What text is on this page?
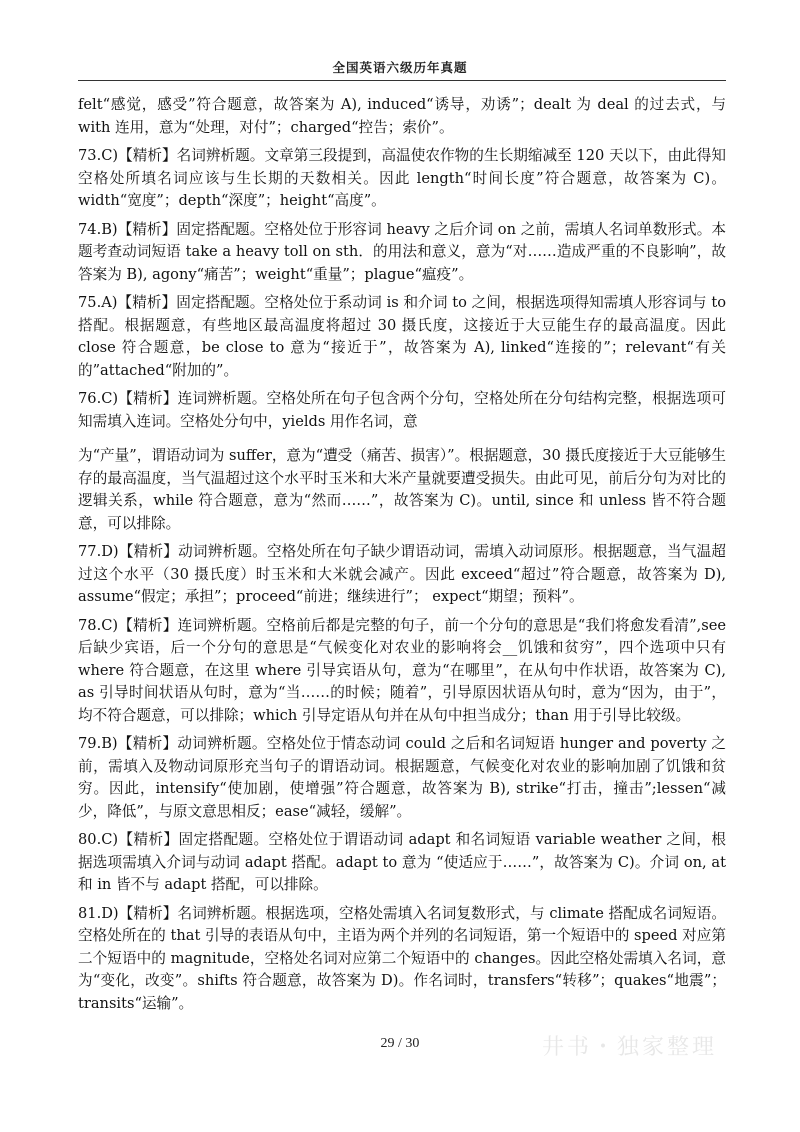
全国英语六级历年真题

felt“感觉，感受”符合题意，故答案为 A), induced“诱导，劝诱”；dealt 为 deal 的过去式，与 with 连用，意为“处理，对付”；charged“控告；索价”。

73.C)【精析】名词辨析题。文章第三段提到，高温使农作物的生长期缩减至 120 天以下，由此得知空格处所填名词应该与生长期的天数相关。因此 length“时间长度”符合题意，故答案为 C)。width“宽度”；depth“深度”；height“高度”。

74.B)【精析】固定搭配题。空格处位于形容词 heavy 之后介词 on 之前，需填人名词单数形式。本题考查动词短语 take a heavy toll on sth．的用法和意义，意为“对……造成严重的不良影响”，故答案为 B), agony“痛苦”；weight“重量”；plague“瘟疫”。

75.A)【精析】固定搭配题。空格处位于系动词 is 和介词 to 之间，根据选项得知需填人形容词与 to 搭配。根据题意，有些地区最高温度将超过 30 摄氏度，这接近于大豆能生存的最高温度。因此 close 符合题意，be close to 意为“接近于”，故答案为 A), linked“连接的”；relevant“有关的”attached“附加的”。

76.C)【精析】连词辨析题。空格处所在句子包含两个分句，空格处所在分句结构完整，根据选项可知需填入连词。空格处分句中，yields 用作名词，意

为“产量”，谓语动词为 suffer，意为“遭受（痛苦、损害）”。根据题意，30 摄氏度接近于大豆能够生存的最高温度，当气温超过这个水平时玉米和大米产量就要遭受损失。由此可见，前后分句为对比的逻辑关系，while 符合题意，意为“然而……”，故答案为 C)。until, since 和 unless 皆不符合题意，可以排除。

77.D)【精析】动词辨析题。空格处所在句子缺少谓语动词，需填入动词原形。根据题意，当气温超过这个水平（30 摄氏度）时玉米和大米就会减产。因此 exceed“超过”符合题意，故答案为 D), assume“假定；承担”；proceed“前进；继续进行”； expect“期望；预料”。

78.C)【精析】连词辨析题。空格前后都是完整的句子，前一个分句的意思是“我们将愈发看清”,see 后缺少宾语，后一个分句的意思是“气候变化对农业的影响将会__饥饿和贫穷”，四个选项中只有 where 符合题意，在这里 where 引导宾语从句，意为“在哪里”，在从句中作状语，故答案为 C), as 引导时间状语从句时，意为“当……的时候；随着”，引导原因状语从句时，意为“因为，由于”，均不符合题意，可以排除；which 引导定语从句并在从句中担当成分；than 用于引导比较级。

79.B)【精析】动词辨析题。空格处位于情态动词 could 之后和名词短语 hunger and poverty 之前，需填入及物动词原形充当句子的谓语动词。根据题意，气候变化对农业的影响加剧了饥饿和贫穷。因此，intensify“使加剧，使增强”符合题意，故答案为 B), strike“打击，撞击”;lessen“减少，降低”，与原文意思相反；ease“减轻，缓解”。

80.C)【精析】固定搭配题。空格处位于谓语动词 adapt 和名词短语 variable weather 之间，根据选项需填入介词与动词 adapt 搭配。adapt to 意为 “使适应于……”，故答案为 C)。介词 on, at 和 in 皆不与 adapt 搭配，可以排除。

81.D)【精析】名词辨析题。根据选项，空格处需填入名词复数形式，与 climate 搭配成名词短语。空格处所在的 that 引导的表语从句中，主语为两个并列的名词短语，第一个短语中的 speed 对应第二个短语中的 magnitude，空格处名词对应第二个短语中的 changes。因此空格处需填入名词，意为“变化，改变”。shifts 符合题意，故答案为 D)。作名词时，transfers“转移”；quakes“地震”；transits“运输”。

29 / 30	井书・独家整理
